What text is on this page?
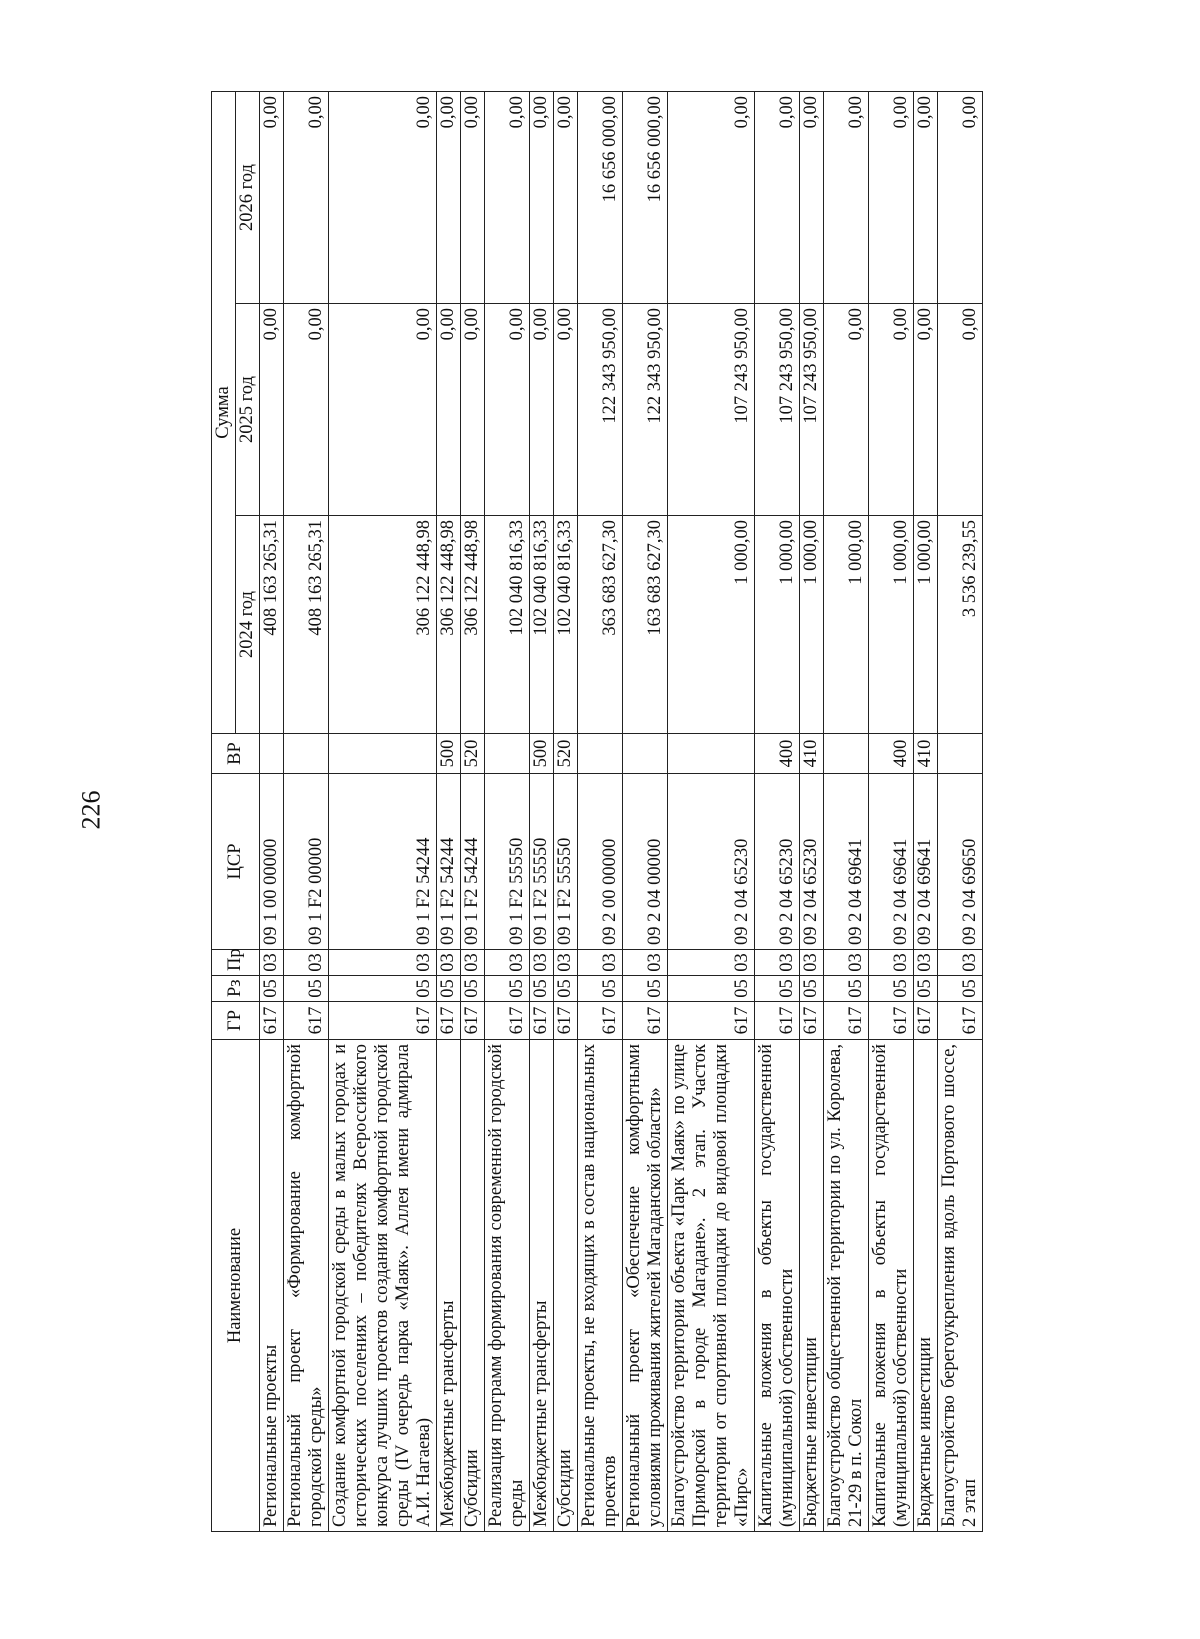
226
Наименование	ГР	Рз	Пр	ЦСР	ВР	Сумма		
						2024 год	2025 год	2026 год
Региональные проекты	617	05	03	09 1 00 00000		408 163 265,31	0,00	0,00
Региональный проект «Формирование комфортной городской среды»	617	05	03	09 1 F2 00000		408 163 265,31	0,00	0,00
Создание комфортной городской среды в малых городах и исторических поселениях – победителях Всероссийского конкурса лучших проектов создания комфортной городской среды (IV очередь парка «Маяк». Аллея имени адмирала А.И. Нагаева)	617	05	03	09 1 F2 54244		306 122 448,98	0,00	0,00
Межбюджетные трансферты	617	05	03	09 1 F2 54244	500	306 122 448,98	0,00	0,00
Субсидии	617	05	03	09 1 F2 54244	520	306 122 448,98	0,00	0,00
Реализация программ формирования современной городской среды	617	05	03	09 1 F2 55550		102 040 816,33	0,00	0,00
Межбюджетные трансферты	617	05	03	09 1 F2 55550	500	102 040 816,33	0,00	0,00
Субсидии	617	05	03	09 1 F2 55550	520	102 040 816,33	0,00	0,00
Региональные проекты, не входящих в состав национальных проектов	617	05	03	09 2 00 00000		363 683 627,30	122 343 950,00	16 656 000,00
Региональный проект «Обеспечение комфортными условиями проживания жителей Магаданской области»	617	05	03	09 2 04 00000		163 683 627,30	122 343 950,00	16 656 000,00
Благоустройство территории объекта «Парк Маяк» по улице Приморской в городе Магадане». 2 этап. Участок территории от спортивной площадки до видовой площадки «Пирс»	617	05	03	09 2 04 65230		1 000,00	107 243 950,00	0,00
Капитальные вложения в объекты государственной (муниципальной) собственности	617	05	03	09 2 04 65230	400	1 000,00	107 243 950,00	0,00
Бюджетные инвестиции	617	05	03	09 2 04 65230	410	1 000,00	107 243 950,00	0,00
Благоустройство общественной территории по ул. Королева, 21-29 в п. Сокол	617	05	03	09 2 04 69641		1 000,00	0,00	0,00
Капитальные вложения в объекты государственной (муниципальной) собственности	617	05	03	09 2 04 69641	400	1 000,00	0,00	0,00
Бюджетные инвестиции	617	05	03	09 2 04 69641	410	1 000,00	0,00	0,00
Благоустройство берегоукрепления вдоль Портового шоссе, 2 этап	617	05	03	09 2 04 69650		3 536 239,55	0,00	0,00
